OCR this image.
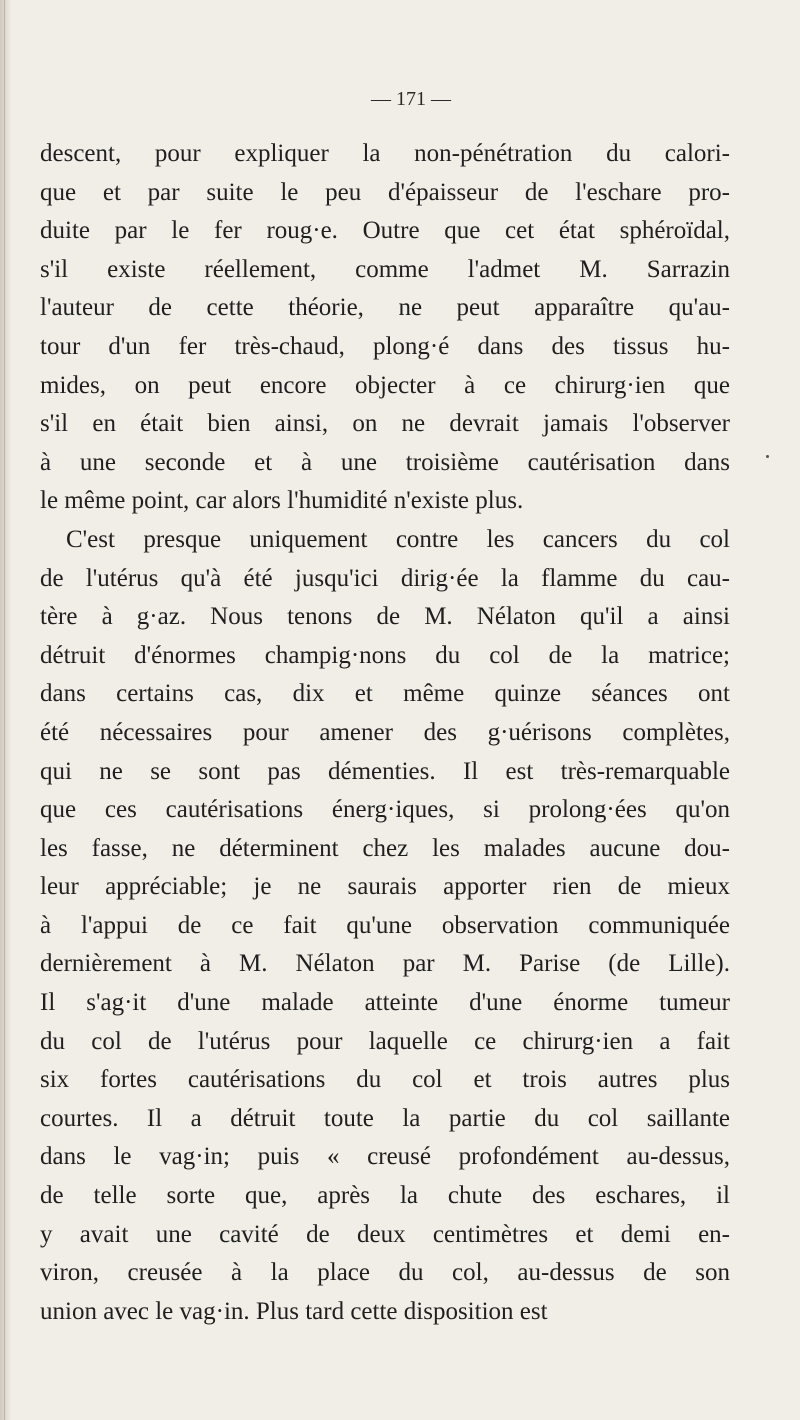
— 171 —
descent, pour expliquer la non-pénétration du calori-
que et par suite le peu d'épaisseur de l'eschare pro-
duite par le fer roug·e. Outre que cet état sphéroïdal,
s'il existe réellement, comme l'admet M. Sarrazin
l'auteur de cette théorie, ne peut apparaître qu'au-
tour d'un fer très-chaud, plong·é dans des tissus hu-
mides, on peut encore objecter à ce chirurg·ien que
s'il en était bien ainsi, on ne devrait jamais l'observer
à une seconde et à une troisième cautérisation dans
le même point, car alors l'humidité n'existe plus.
C'est presque uniquement contre les cancers du col
de l'utérus qu'à été jusqu'ici dirig·ée la flamme du cau-
tère à g·az. Nous tenons de M. Nélaton qu'il a ainsi
détruit d'énormes champig·nons du col de la matrice;
dans certains cas, dix et même quinze séances ont
été nécessaires pour amener des g·uérisons complètes,
qui ne se sont pas démenties. Il est très-remarquable
que ces cautérisations énerg·iques, si prolong·ées qu'on
les fasse, ne déterminent chez les malades aucune dou-
leur appréciable; je ne saurais apporter rien de mieux
à l'appui de ce fait qu'une observation communiquée
dernièrement à M. Nélaton par M. Parise (de Lille).
Il s'ag·it d'une malade atteinte d'une énorme tumeur
du col de l'utérus pour laquelle ce chirurg·ien a fait
six fortes cautérisations du col et trois autres plus
courtes. Il a détruit toute la partie du col saillante
dans le vag·in; puis « creusé profondément au-dessus,
de telle sorte que, après la chute des eschares, il
y avait une cavité de deux centimètres et demi en-
viron, creusée à la place du col, au-dessus de son
union avec le vag·in. Plus tard cette disposition est
